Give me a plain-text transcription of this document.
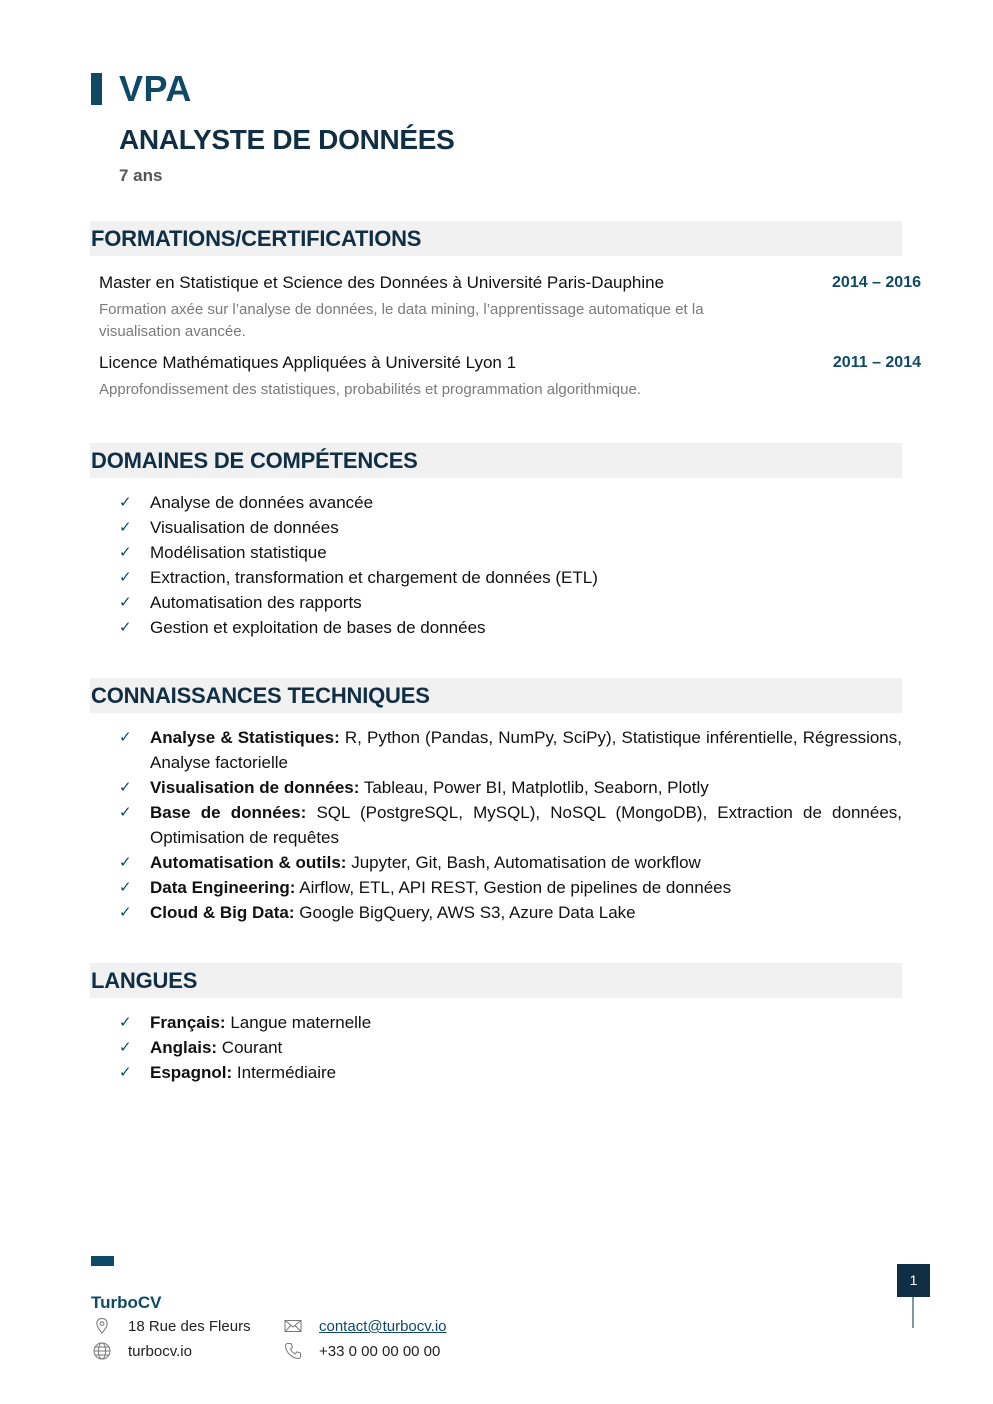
VPA
ANALYSTE DE DONNÉES
7 ans
FORMATIONS/CERTIFICATIONS
Master en Statistique et Science des Données à Université Paris-Dauphine	2014 – 2016
Formation axée sur l’analyse de données, le data mining, l’apprentissage automatique et la visualisation avancée.
Licence Mathématiques Appliquées à Université Lyon 1	2011 – 2014
Approfondissement des statistiques, probabilités et programmation algorithmique.
DOMAINES DE COMPÉTENCES
✓ Analyse de données avancée
✓ Visualisation de données
✓ Modélisation statistique
✓ Extraction, transformation et chargement de données (ETL)
✓ Automatisation des rapports
✓ Gestion et exploitation de bases de données
CONNAISSANCES TECHNIQUES
✓ Analyse & Statistiques: R, Python (Pandas, NumPy, SciPy), Statistique inférentielle, Régressions, Analyse factorielle
✓ Visualisation de données: Tableau, Power BI, Matplotlib, Seaborn, Plotly
✓ Base de données: SQL (PostgreSQL, MySQL), NoSQL (MongoDB), Extraction de données, Optimisation de requêtes
✓ Automatisation & outils: Jupyter, Git, Bash, Automatisation de workflow
✓ Data Engineering: Airflow, ETL, API REST, Gestion de pipelines de données
✓ Cloud & Big Data: Google BigQuery, AWS S3, Azure Data Lake
LANGUES
✓ Français: Langue maternelle
✓ Anglais: Courant
✓ Espagnol: Intermédiaire
TurboCV
18 Rue des Fleurs
turbocv.io
contact@turbocv.io
+33 0 00 00 00 00
1
